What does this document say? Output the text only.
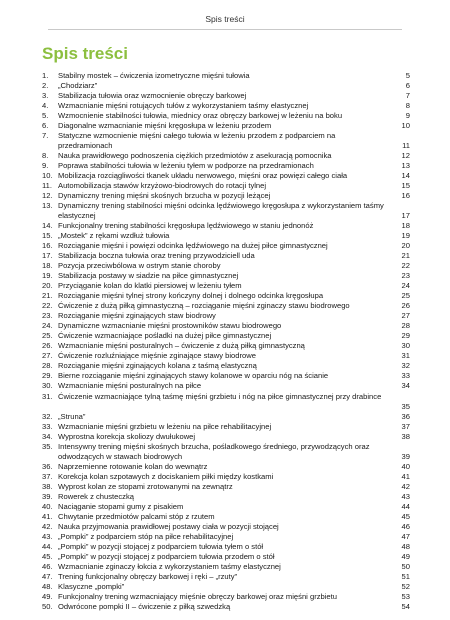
Spis treści
Spis treści
1.	Stabilny mostek – ćwiczenia izometryczne mięśni tułowia	5
2.	„Chodziarz”	6
3.	Stabilizacja tułowia oraz wzmocnienie obręczy barkowej	7
4.	Wzmacnianie mięśni rotujących tułów z wykorzystaniem taśmy elastycznej	8
5.	Wzmocnienie stabilności tułowia, miednicy oraz obręczy barkowej w leżeniu na boku	9
6.	Diagonalne wzmacnianie mięśni kręgosłupa w leżeniu przodem	10
7.	Statyczne wzmocnienie mięśni całego tułowia w leżeniu przodem z podparciem na przedramionach	11
8.	Nauka prawidłowego podnoszenia ciężkich przedmiotów z asekuracją pomocnika	12
9.	Poprawa stabilności tułowia w leżeniu tyłem w podporze na przedramionach	13
10. Mobilizacja rozciągliwości tkanek układu nerwowego, mięśni oraz powięzi całego ciała	14
11. Automobilizacja stawów krzyżowo-biodrowych do rotacji tylnej	15
12. Dynamiczny trening mięśni skośnych brzucha w pozycji leżącej	16
13. Dynamiczny trening stabilności mięśni odcinka lędźwiowego kręgosłupa z wykorzystaniem taśmy elastycznej	17
14. Funkcjonalny trening stabilności kręgosłupa lędźwiowego w staniu jednonóż	18
15. „Mostek” z rękami wzdłuż tułowia	19
16. Rozciąganie mięśni i powięzi odcinka lędźwiowego na dużej piłce gimnastycznej	20
17. Stabilizacja boczna tułowia oraz trening przywodziciell uda	21
18. Pozycja przeciwbólowa w ostrym stanie choroby	22
19. Stabilizacja postawy w siadzie na piłce gimnastycznej	23
20. Przyciąganie kolan do klatki piersiowej w leżeniu tyłem	24
21. Rozciąganie mięśni tylnej strony kończyny dolnej i dolnego odcinka kręgosłupa	25
22. Ćwiczenie z dużą piłką gimnastyczną – rozciąganie mięśni zginaczy stawu biodrowego	26
23. Rozciąganie mięśni zginających staw biodrowy	27
24. Dynamiczne wzmacnianie mięśni prostowników stawu biodrowego	28
25. Ćwiczenie wzmacniające pośladki na dużej piłce gimnastycznej	29
26. Wzmacnianie mięśni posturalnych – ćwiczenie z dużą piłką gimnastyczną	30
27. Ćwiczenie rozluźniające mięśnie zginające stawy biodrowe	31
28. Rozciąganie mięśni zginających kolana z taśmą elastyczną	32
29. Bierne rozciąganie mięśni zginających stawy kolanowe w oparciu nóg na ścianie	33
30. Wzmacnianie mięśni posturalnych na piłce	34
31. Ćwiczenie wzmacniające tylną taśmę mięśni grzbietu i nóg na piłce gimnastycznej przy drabince
35
32. „Struna”	36
33. Wzmacnianie mięśni grzbietu w leżeniu na piłce rehabilitacyjnej	37
34. Wyprostna korekcja skoliozy dwułukowej	38
35. Intensywny trening mięśni skośnych brzucha, pośladkowego średniego, przywodzących oraz odwodzących w stawach biodrowych	39
36. Naprzemienne rotowanie kolan do wewnątrz	40
37. Korekcja kolan szpotawych z dociskaniem piłki między kostkami	41
38. Wyprost kolan ze stopami zrotowanymi na zewnątrz	42
39. Rowerek z chusteczką	43
40. Naciąganie stopami gumy z pisakiem	44
41. Chwytanie przedmiotów palcami stóp z rzutem	45
42. Nauka przyjmowania prawidłowej postawy ciała w pozycji stojącej	46
43. „Pompki” z podparciem stóp na piłce rehabilitacyjnej	47
44. „Pompki” w pozycji stojącej z podparciem tułowia tyłem o stół	48
45. „Pompki” w pozycji stojącej z podparciem tułowia przodem o stół	49
46. Wzmacnianie zginaczy łokcia z wykorzystaniem taśmy elastycznej	50
47. Trening funkcjonalny obręczy barkowej i ręki – „rzuty”	51
48. Klasyczne „pompki”	52
49. Funkcjonalny trening wzmacniający mięśnie obręczy barkowej oraz mięśni grzbietu	53
50. Odwrócone pompki II – ćwiczenie z piłką szwedzką	54
